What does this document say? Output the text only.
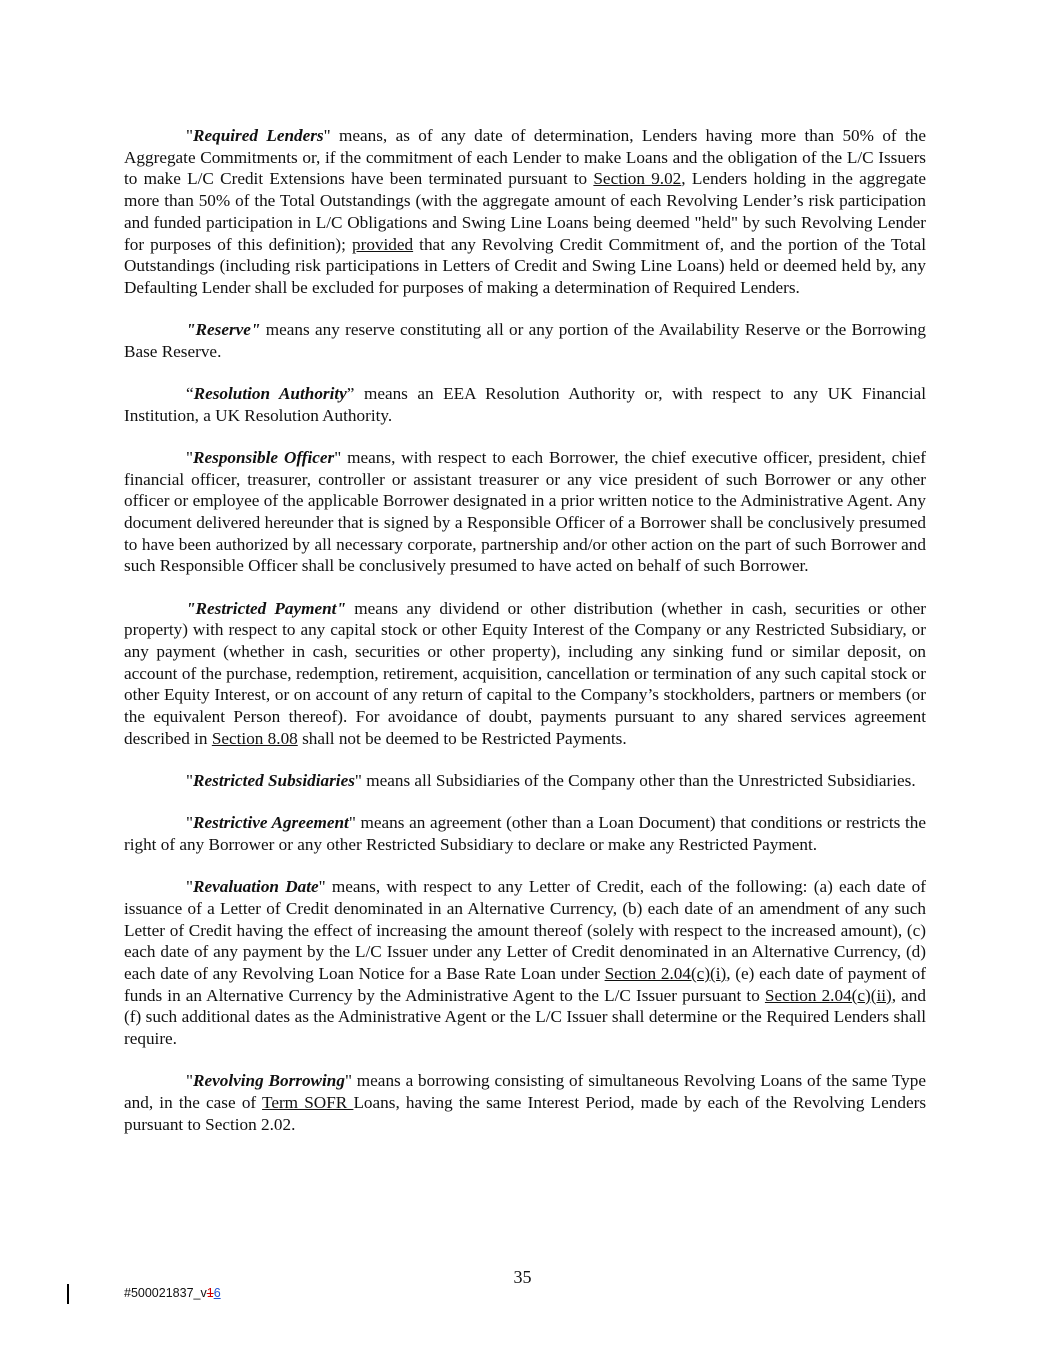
"Required Lenders" means, as of any date of determination, Lenders having more than 50% of the Aggregate Commitments or, if the commitment of each Lender to make Loans and the obligation of the L/C Issuers to make L/C Credit Extensions have been terminated pursuant to Section 9.02, Lenders holding in the aggregate more than 50% of the Total Outstandings (with the aggregate amount of each Revolving Lender’s risk participation and funded participation in L/C Obligations and Swing Line Loans being deemed "held" by such Revolving Lender for purposes of this definition); provided that any Revolving Credit Commitment of, and the portion of the Total Outstandings (including risk participations in Letters of Credit and Swing Line Loans) held or deemed held by, any Defaulting Lender shall be excluded for purposes of making a determination of Required Lenders.

"Reserve" means any reserve constituting all or any portion of the Availability Reserve or the Borrowing Base Reserve.

“Resolution Authority” means an EEA Resolution Authority or, with respect to any UK Financial Institution, a UK Resolution Authority.

"Responsible Officer" means, with respect to each Borrower, the chief executive officer, president, chief financial officer, treasurer, controller or assistant treasurer or any vice president of such Borrower or any other officer or employee of the applicable Borrower designated in a prior written notice to the Administrative Agent. Any document delivered hereunder that is signed by a Responsible Officer of a Borrower shall be conclusively presumed to have been authorized by all necessary corporate, partnership and/or other action on the part of such Borrower and such Responsible Officer shall be conclusively presumed to have acted on behalf of such Borrower.

"Restricted Payment" means any dividend or other distribution (whether in cash, securities or other property) with respect to any capital stock or other Equity Interest of the Company or any Restricted Subsidiary, or any payment (whether in cash, securities or other property), including any sinking fund or similar deposit, on account of the purchase, redemption, retirement, acquisition, cancellation or termination of any such capital stock or other Equity Interest, or on account of any return of capital to the Company’s stockholders, partners or members (or the equivalent Person thereof). For avoidance of doubt, payments pursuant to any shared services agreement described in Section 8.08 shall not be deemed to be Restricted Payments.

"Restricted Subsidiaries" means all Subsidiaries of the Company other than the Unrestricted Subsidiaries.

"Restrictive Agreement" means an agreement (other than a Loan Document) that conditions or restricts the right of any Borrower or any other Restricted Subsidiary to declare or make any Restricted Payment.

"Revaluation Date" means, with respect to any Letter of Credit, each of the following: (a) each date of issuance of a Letter of Credit denominated in an Alternative Currency, (b) each date of an amendment of any such Letter of Credit having the effect of increasing the amount thereof (solely with respect to the increased amount), (c) each date of any payment by the L/C Issuer under any Letter of Credit denominated in an Alternative Currency, (d) each date of any Revolving Loan Notice for a Base Rate Loan under Section 2.04(c)(i), (e) each date of payment of funds in an Alternative Currency by the Administrative Agent to the L/C Issuer pursuant to Section 2.04(c)(ii), and (f) such additional dates as the Administrative Agent or the L/C Issuer shall determine or the Required Lenders shall require.

"Revolving Borrowing" means a borrowing consisting of simultaneous Revolving Loans of the same Type and, in the case of Term SOFR Loans, having the same Interest Period, made by each of the Revolving Lenders pursuant to Section 2.02.

35
#500021837_v16
